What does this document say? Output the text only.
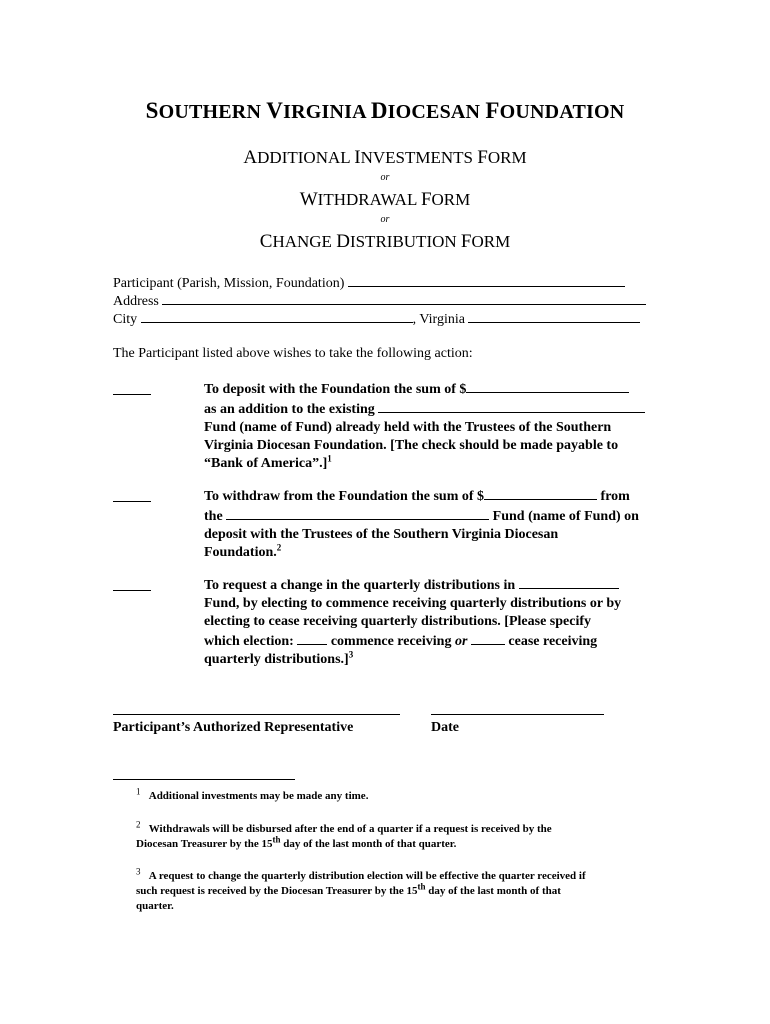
SOUTHERN VIRGINIA DIOCESAN FOUNDATION
ADDITIONAL INVESTMENTS FORM
or
WITHDRAWAL FORM
or
CHANGE DISTRIBUTION FORM
Participant (Parish, Mission, Foundation)
Address
City	, Virginia
The Participant listed above wishes to take the following action:
To deposit with the Foundation the sum of $
as an addition to the existing
Fund (name of Fund) already held with the Trustees of the Southern
Virginia Diocesan Foundation. [The check should be made payable to
“Bank of America”.]$^1$
To withdraw from the Foundation the sum of $	from
the	Fund (name of Fund) on
deposit with the Trustees of the Southern Virginia Diocesan
Foundation.$^2$
To request a change in the quarterly distributions in
Fund, by electing to commence receiving quarterly distributions or by
electing to cease receiving quarterly distributions. [Please specify
which election:  commence receiving or	cease receiving
quarterly distributions.]$^3$
Participant’s Authorized Representative	Date
$^1$ Additional investments may be made any time.
$^2$ Withdrawals will be disbursed after the end of a quarter if a request is received by the
Diocesan Treasurer by the 15th day of the last month of that quarter.
$^3$ A request to change the quarterly distribution election will be effective the quarter received if
such request is received by the Diocesan Treasurer by the 15th day of the last month of that
quarter.
